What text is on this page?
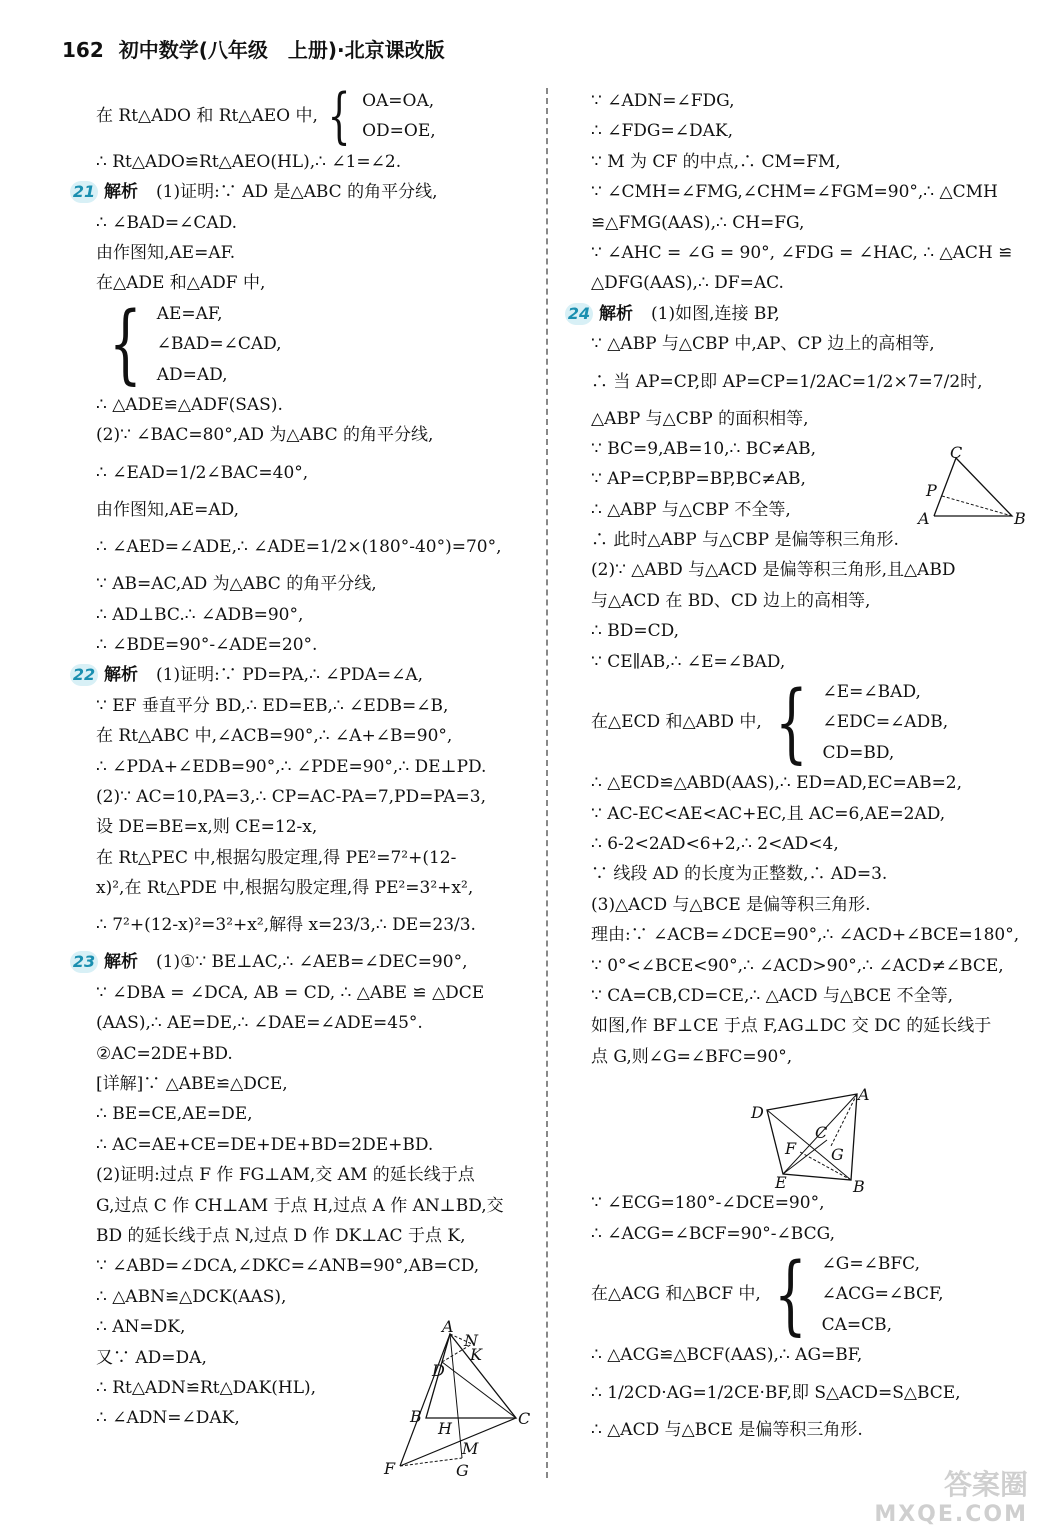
162 初中数学(八年级　上册)·北京课改版
在 Rt△ADO 和 Rt△AEO 中, { OA=OA,
OD=OE,
∴ Rt△ADO≌Rt△AEO(HL),∴ ∠1=∠2.
21 解析 (1)证明:∵ AD 是△ABC 的角平分线,
∴ ∠BAD=∠CAD.
由作图知,AE=AF.
在△ADE 和△ADF 中,
{ AE=AF,
∠BAD=∠CAD,
AD=AD,
∴ △ADE≌△ADF(SAS).
(2)∵ ∠BAC=80°,AD 为△ABC 的角平分线,
∴ ∠EAD=1/2∠BAC=40°,
由作图知,AE=AD,
∴ ∠AED=∠ADE,∴ ∠ADE=1/2×(180°-40°)=70°,
∵ AB=AC,AD 为△ABC 的角平分线,
∴ AD⊥BC.∴ ∠ADB=90°,
∴ ∠BDE=90°-∠ADE=20°.
22 解析 (1)证明:∵ PD=PA,∴ ∠PDA=∠A,
∵ EF 垂直平分 BD,∴ ED=EB,∴ ∠EDB=∠B,
在 Rt△ABC 中,∠ACB=90°,∴ ∠A+∠B=90°,
∴ ∠PDA+∠EDB=90°,∴ ∠PDE=90°,∴ DE⊥PD.
(2)∵ AC=10,PA=3,∴ CP=AC-PA=7,PD=PA=3,
设 DE=BE=x,则 CE=12-x,
在 Rt△PEC 中,根据勾股定理,得 PE²=7²+(12-
x)²,在 Rt△PDE 中,根据勾股定理,得 PE²=3²+x²,
∴ 7²+(12-x)²=3²+x²,解得 x=23/3,∴ DE=23/3.
23 解析 (1)①∵ BE⊥AC,∴ ∠AEB=∠DEC=90°,
∵ ∠DBA = ∠DCA, AB = CD, ∴ △ABE ≌ △DCE
(AAS),∴ AE=DE,∴ ∠DAE=∠ADE=45°.
②AC=2DE+BD.
[详解]∵ △ABE≌△DCE,
∴ BE=CE,AE=DE,
∴ AC=AE+CE=DE+DE+BD=2DE+BD.
(2)证明:过点 F 作 FG⊥AM,交 AM 的延长线于点
G,过点 C 作 CH⊥AM 于点 H,过点 A 作 AN⊥BD,交
BD 的延长线于点 N,过点 D 作 DK⊥AC 于点 K,
∵ ∠ABD=∠DCA,∠DKC=∠ANB=90°,AB=CD,
∴ △ABN≌△DCK(AAS),
∴ AN=DK,
又∵ AD=DA,
∴ Rt△ADN≌Rt△DAK(HL),
∴ ∠ADN=∠DAK,
∵ ∠ADN=∠FDG,
∴ ∠FDG=∠DAK,
∵ M 为 CF 的中点,∴ CM=FM,
∵ ∠CMH=∠FMG,∠CHM=∠FGM=90°,∴ △CMH
≌△FMG(AAS),∴ CH=FG,
∵ ∠AHC = ∠G = 90°, ∠FDG = ∠HAC, ∴ △ACH ≌
△DFG(AAS),∴ DF=AC.
24 解析 (1)如图,连接 BP,
∵ △ABP 与△CBP 中,AP、CP 边上的高相等,
∴ 当 AP=CP,即 AP=CP=1/2AC=1/2×7=7/2时,
△ABP 与△CBP 的面积相等,
∵ BC=9,AB=10,∴ BC≠AB,
∵ AP=CP,BP=BP,BC≠AB,
∴ △ABP 与△CBP 不全等,
∴ 此时△ABP 与△CBP 是偏等积三角形.
(2)∵ △ABD 与△ACD 是偏等积三角形,且△ABD
与△ACD 在 BD、CD 边上的高相等,
∴ BD=CD,
∵ CE∥AB,∴ ∠E=∠BAD,
在△ECD 和△ABD 中, { ∠E=∠BAD,
∠EDC=∠ADB,
CD=BD,
∴ △ECD≌△ABD(AAS),∴ ED=AD,EC=AB=2,
∵ AC-EC<AE<AC+EC,且 AC=6,AE=2AD,
∴ 6-2<2AD<6+2,∴ 2<AD<4,
∵ 线段 AD 的长度为正整数,∴ AD=3.
(3)△ACD 与△BCE 是偏等积三角形.
理由:∵ ∠ACB=∠DCE=90°,∴ ∠ACD+∠BCE=180°,
∵ 0°<∠BCE<90°,∴ ∠ACD>90°,∴ ∠ACD≠∠BCE,
∵ CA=CB,CD=CE,∴ △ACD 与△BCE 不全等,
如图,作 BF⊥CE 于点 F,AG⊥DC 交 DC 的延长线于
点 G,则∠G=∠BFC=90°,
∵ ∠ECG=180°-∠DCE=90°,
∴ ∠ACG=∠BCF=90°-∠BCG,
在△ACG 和△BCF 中, { ∠G=∠BFC,
∠ACG=∠BCF,
CA=CB,
∴ △ACG≌△BCF(AAS),∴ AG=BF,
∴ 1/2CD·AG=1/2CE·BF,即 S△ACD=S△BCE,
∴ △ACD 与△BCE 是偏等积三角形.
C
P
A	B
A
B
C
D
E
F G
A
N
K
D
B
H
C
M
F	G	答案圈
MXQE.COM
